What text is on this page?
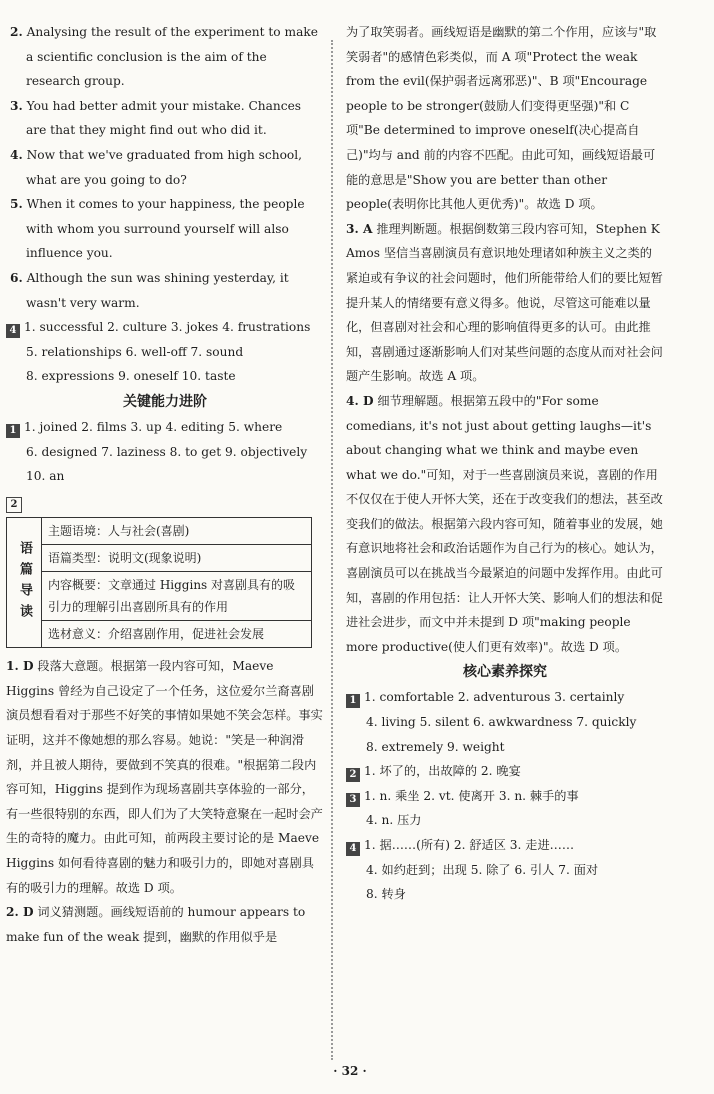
2. Analysing the result of the experiment to make a scientific conclusion is the aim of the research group.

3. You had better admit your mistake. Chances are that they might find out who did it.

4. Now that we've graduated from high school, what are you going to do?

5. When it comes to your happiness, the people with whom you surround yourself will also influence you.

6. Although the sun was shining yesterday, it wasn't very warm.

4 1. successful 2. culture 3. jokes 4. frustrations
5. relationships 6. well-off 7. sound
8. expressions 9. oneself 10. taste

关键能力进阶

1 1. joined 2. films 3. up 4. editing 5. where
6. designed 7. laziness 8. to get 9. objectively
10. an
2
语篇导读	主题语境：人与社会(喜剧)
语篇类型：说明文(现象说明)
内容概要：文章通过 Higgins 对喜剧具有的吸引力的理解引出喜剧所具有的作用
选材意义：介绍喜剧作用，促进社会发展

1. D 段落大意题。根据第一段内容可知，Maeve Higgins 曾经为自己设定了一个任务，这位爱尔兰裔喜剧演员想看看对于那些不好笑的事情如果她不笑会怎样。事实证明，这并不像她想的那么容易。她说："笑是一种润滑剂，并且被人期待，要做到不笑真的很难。"根据第二段内容可知，Higgins 提到作为现场喜剧共享体验的一部分，有一些很特别的东西，即人们为了大笑特意聚在一起时会产生的奇特的魔力。由此可知，前两段主要讨论的是 Maeve Higgins 如何看待喜剧的魅力和吸引力的，即她对喜剧具有的吸引力的理解。故选 D 项。

2. D 词义猜测题。画线短语前的 humour appears to make fun of the weak 提到，幽默的作用似乎是

为了取笑弱者。画线短语是幽默的第二个作用，应该与"取笑弱者"的感情色彩类似，而 A 项"Protect the weak from the evil(保护弱者远离邪恶)"、B 项"Encourage people to be stronger(鼓励人们变得更坚强)"和 C 项"Be determined to improve oneself(决心提高自己)"均与 and 前的内容不匹配。由此可知，画线短语最可能的意思是"Show you are better than other people(表明你比其他人更优秀)"。故选 D 项。

3. A 推理判断题。根据倒数第三段内容可知，Stephen K Amos 坚信当喜剧演员有意识地处理诸如种族主义之类的紧迫或有争议的社会问题时，他们所能带给人们的要比短暂提升某人的情绪要有意义得多。他说，尽管这可能难以量化，但喜剧对社会和心理的影响值得更多的认可。由此推知，喜剧通过逐渐影响人们对某些问题的态度从而对社会问题产生影响。故选 A 项。

4. D 细节理解题。根据第五段中的"For some comedians, it's not just about getting laughs—it's about changing what we think and maybe even what we do."可知，对于一些喜剧演员来说，喜剧的作用不仅仅在于使人开怀大笑，还在于改变我们的想法，甚至改变我们的做法。根据第六段内容可知，随着事业的发展，她有意识地将社会和政治话题作为自己行为的核心。她认为，喜剧演员可以在挑战当今最紧迫的问题中发挥作用。由此可知，喜剧的作用包括：让人开怀大笑、影响人们的想法和促进社会进步，而文中并未提到 D 项"making people more productive(使人们更有效率)"。故选 D 项。

核心素养探究

1 1. comfortable 2. adventurous 3. certainly
4. living 5. silent 6. awkwardness 7. quickly
8. extremely 9. weight
2 1. 坏了的，出故障的 2. 晚宴
3 1. n. 乘坐 2. vt. 使离开 3. n. 棘手的事
4. n. 压力
4 1. 据……(所有) 2. 舒适区 3. 走进……
4. 如约赶到；出现 5. 除了 6. 引人 7. 面对
8. 转身
· 32 ·
